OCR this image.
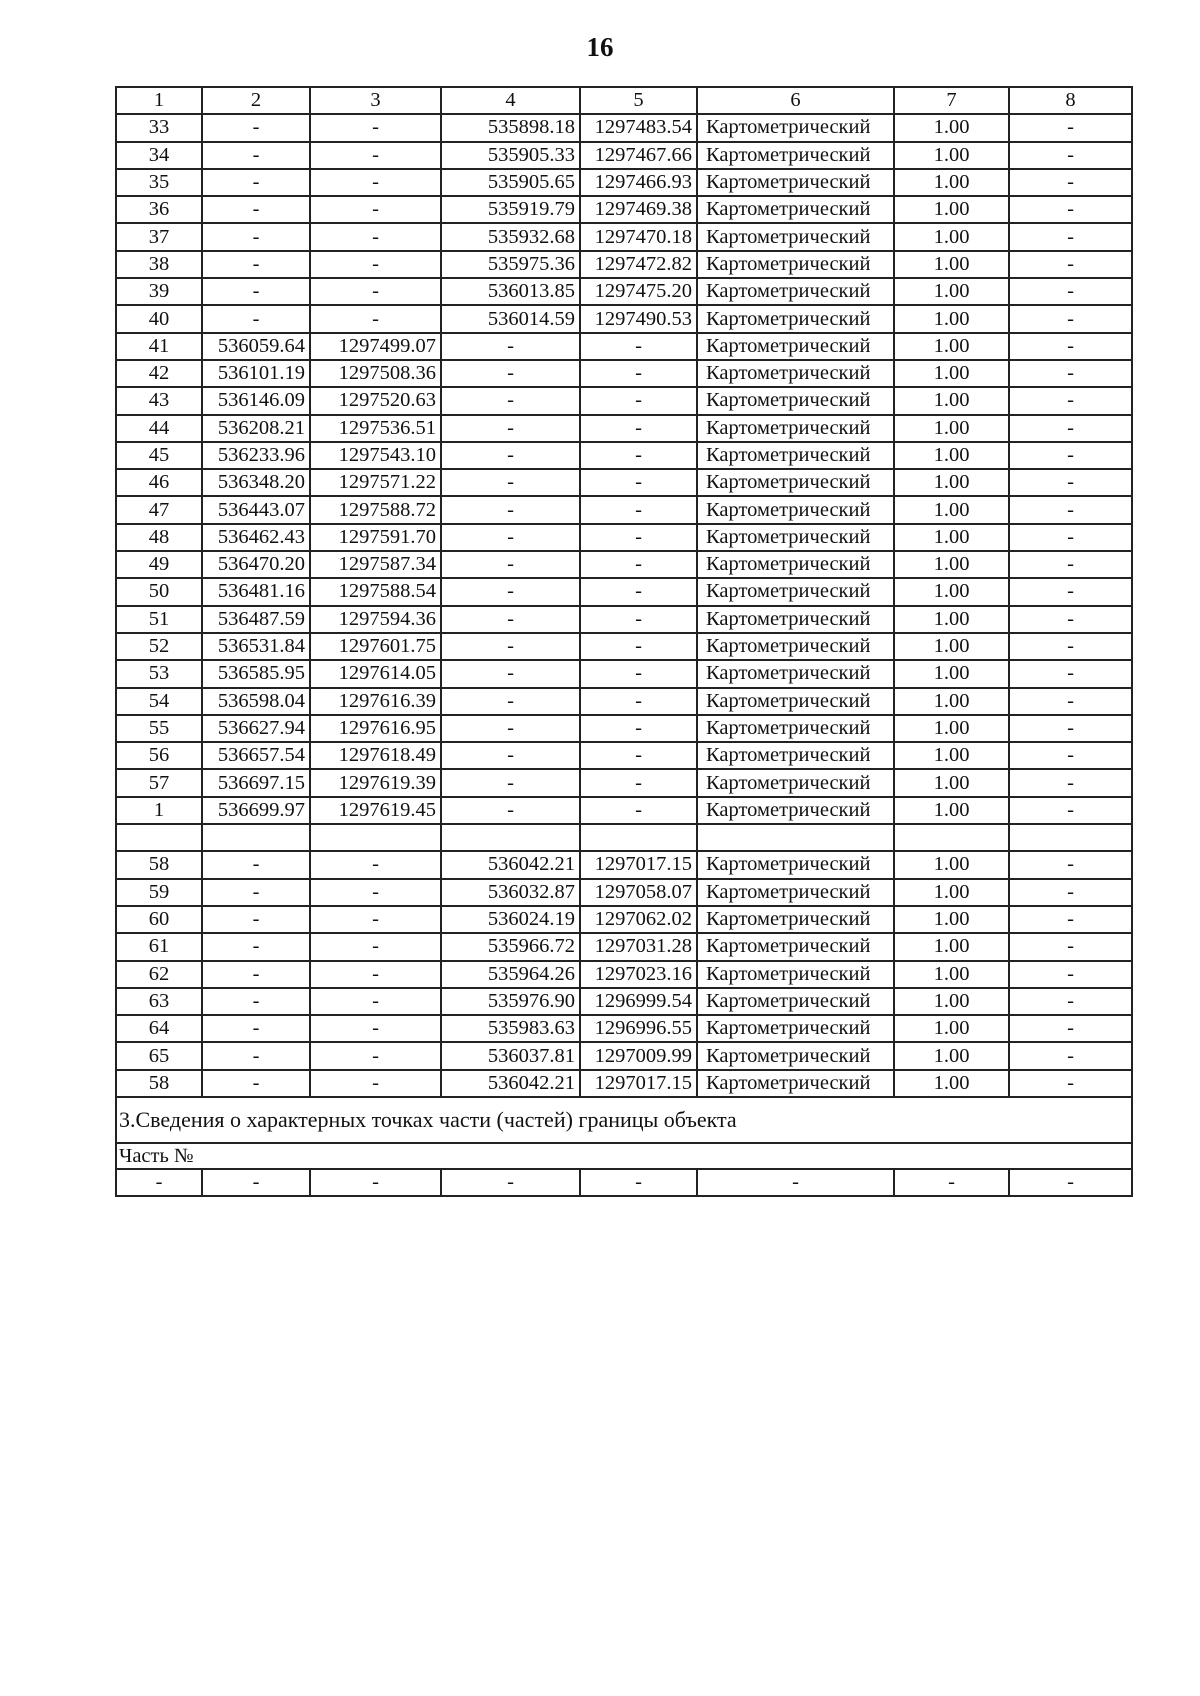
16
1	2	3	4	5	6	7	8
33	-	-	535898.18	1297483.54	Картометрический	1.00	-
34	-	-	535905.33	1297467.66	Картометрический	1.00	-
35	-	-	535905.65	1297466.93	Картометрический	1.00	-
36	-	-	535919.79	1297469.38	Картометрический	1.00	-
37	-	-	535932.68	1297470.18	Картометрический	1.00	-
38	-	-	535975.36	1297472.82	Картометрический	1.00	-
39	-	-	536013.85	1297475.20	Картометрический	1.00	-
40	-	-	536014.59	1297490.53	Картометрический	1.00	-
41	536059.64	1297499.07	-	-	Картометрический	1.00	-
42	536101.19	1297508.36	-	-	Картометрический	1.00	-
43	536146.09	1297520.63	-	-	Картометрический	1.00	-
44	536208.21	1297536.51	-	-	Картометрический	1.00	-
45	536233.96	1297543.10	-	-	Картометрический	1.00	-
46	536348.20	1297571.22	-	-	Картометрический	1.00	-
47	536443.07	1297588.72	-	-	Картометрический	1.00	-
48	536462.43	1297591.70	-	-	Картометрический	1.00	-
49	536470.20	1297587.34	-	-	Картометрический	1.00	-
50	536481.16	1297588.54	-	-	Картометрический	1.00	-
51	536487.59	1297594.36	-	-	Картометрический	1.00	-
52	536531.84	1297601.75	-	-	Картометрический	1.00	-
53	536585.95	1297614.05	-	-	Картометрический	1.00	-
54	536598.04	1297616.39	-	-	Картометрический	1.00	-
55	536627.94	1297616.95	-	-	Картометрический	1.00	-
56	536657.54	1297618.49	-	-	Картометрический	1.00	-
57	536697.15	1297619.39	-	-	Картометрический	1.00	-
1	536699.97	1297619.45	-	-	Картометрический	1.00	-

58	-	-	536042.21	1297017.15	Картометрический	1.00	-
59	-	-	536032.87	1297058.07	Картометрический	1.00	-
60	-	-	536024.19	1297062.02	Картометрический	1.00	-
61	-	-	535966.72	1297031.28	Картометрический	1.00	-
62	-	-	535964.26	1297023.16	Картометрический	1.00	-
63	-	-	535976.90	1296999.54	Картометрический	1.00	-
64	-	-	535983.63	1296996.55	Картометрический	1.00	-
65	-	-	536037.81	1297009.99	Картометрический	1.00	-
58	-	-	536042.21	1297017.15	Картометрический	1.00	-
3.Сведения о характерных точках части (частей) границы объекта							
Часть №							
-	-	-	-	-	-	-	-
